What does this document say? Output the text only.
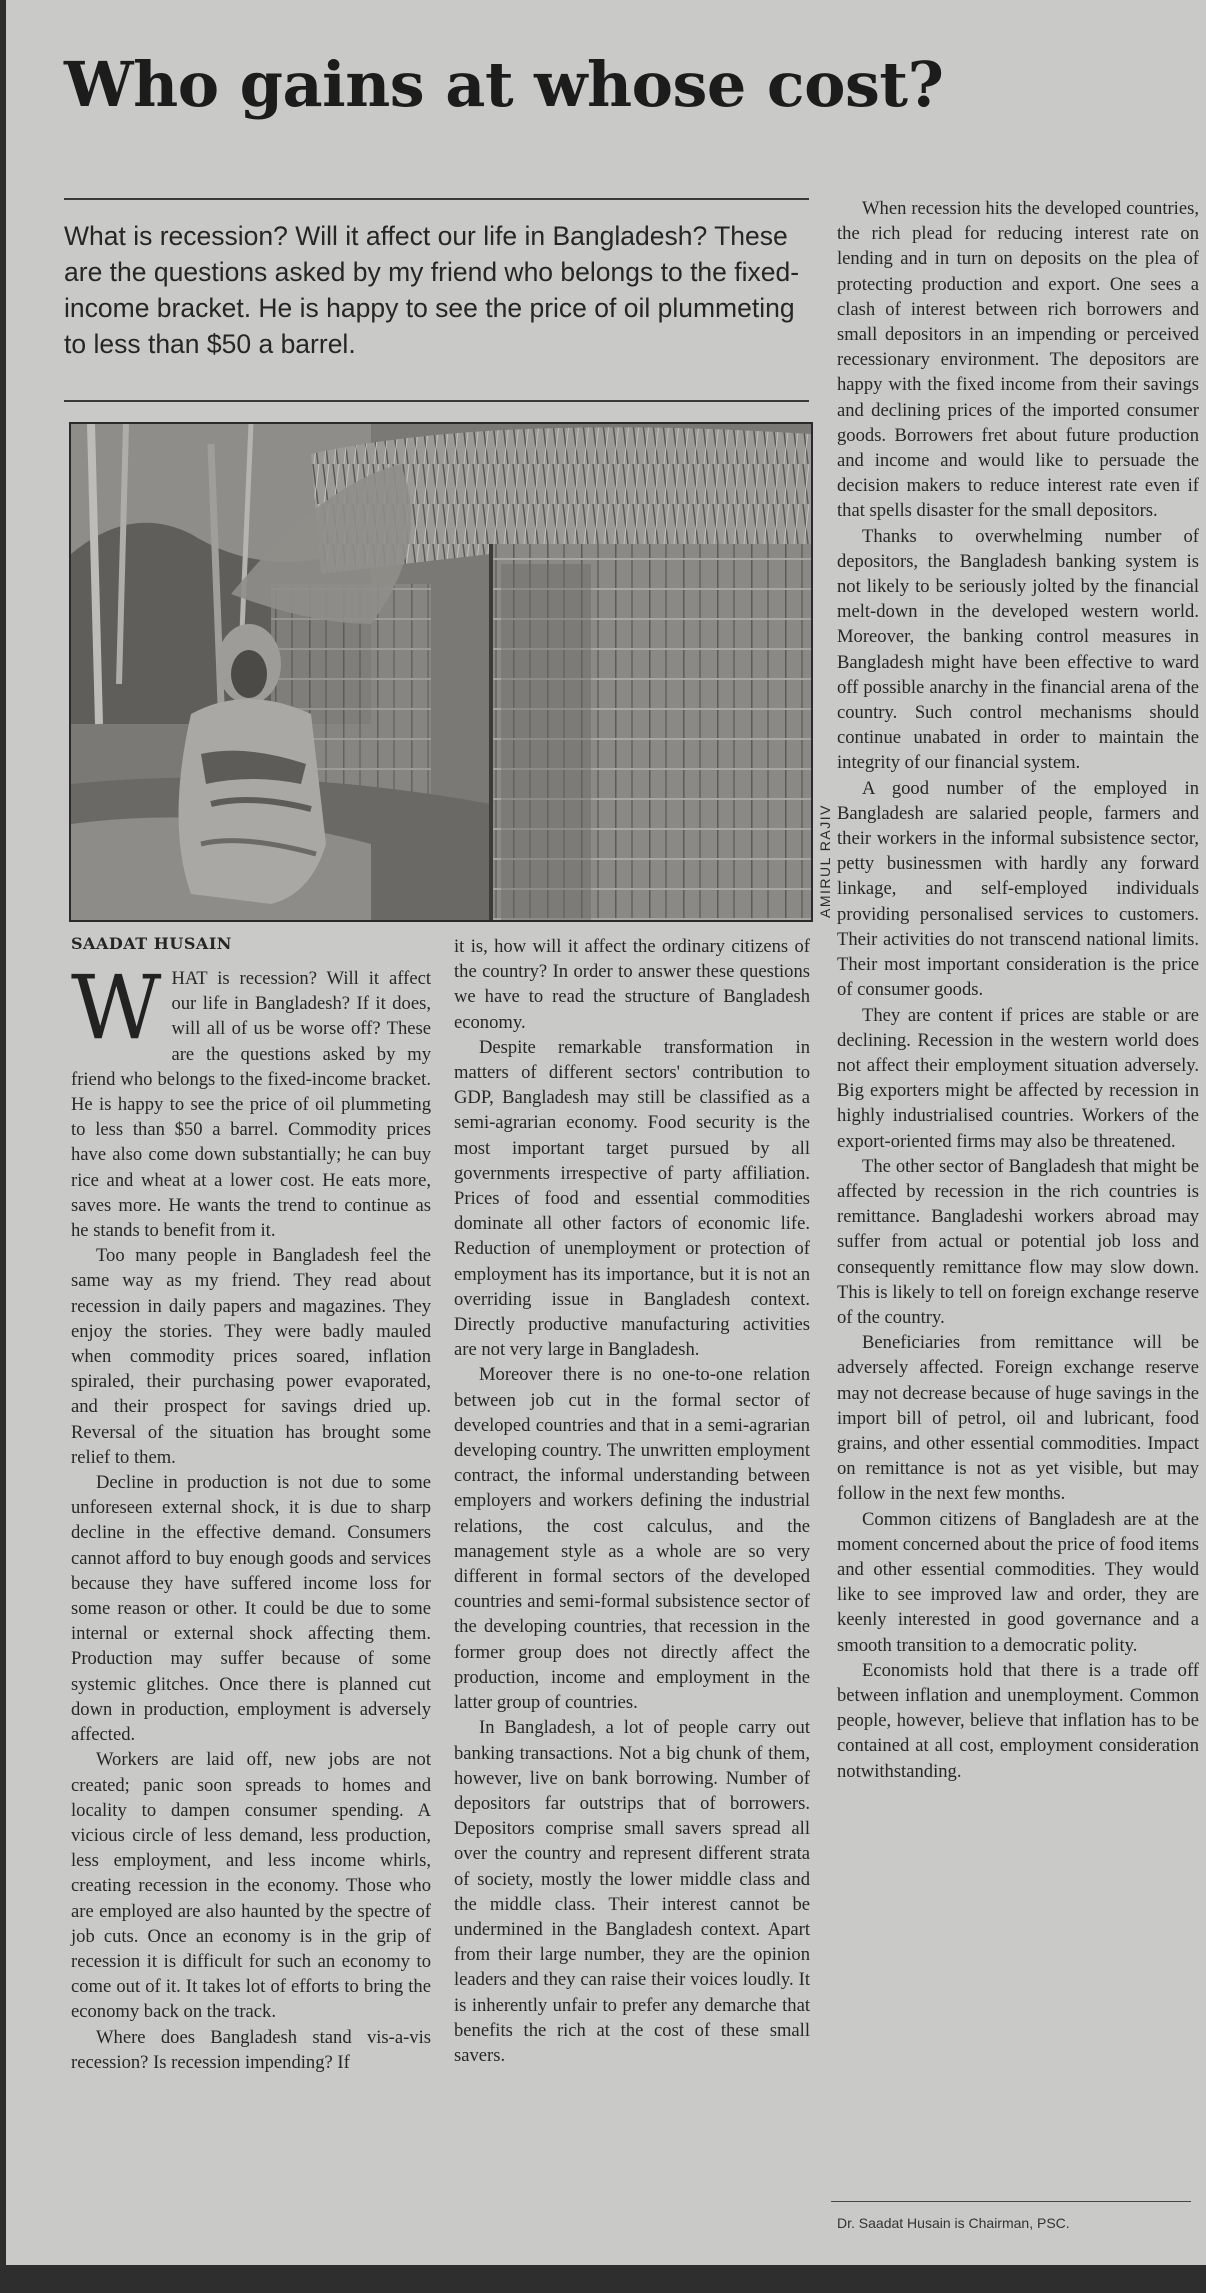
Who gains at whose cost?

What is recession? Will it affect our life in Bangladesh? These are the questions asked by my friend who belongs to the fixed-income bracket. He is happy to see the price of oil plummeting to less than $50 a barrel.

AMIRUL RAJIV

SAADAT HUSAIN

WHAT is recession? Will it affect our life in Bangladesh? If it does, will all of us be worse off? These are the questions asked by my friend who belongs to the fixed-income bracket. He is happy to see the price of oil plummeting to less than $50 a barrel. Commodity prices have also come down substantially; he can buy rice and wheat at a lower cost. He eats more, saves more. He wants the trend to continue as he stands to benefit from it.

Too many people in Bangladesh feel the same way as my friend. They read about recession in daily papers and magazines. They enjoy the stories. They were badly mauled when commodity prices soared, inflation spiraled, their purchasing power evaporated, and their prospect for savings dried up. Reversal of the situation has brought some relief to them.

Decline in production is not due to some unforeseen external shock, it is due to sharp decline in the effective demand. Consumers cannot afford to buy enough goods and services because they have suffered income loss for some reason or other. It could be due to some internal or external shock affecting them. Production may suffer because of some systemic glitches. Once there is planned cut down in production, employment is adversely affected.

Workers are laid off, new jobs are not created; panic soon spreads to homes and locality to dampen consumer spending. A vicious circle of less demand, less production, less employment, and less income whirls, creating recession in the economy. Those who are employed are also haunted by the spectre of job cuts. Once an economy is in the grip of recession it is difficult for such an economy to come out of it. It takes lot of efforts to bring the economy back on the track.

Where does Bangladesh stand vis-a-vis recession? Is recession impending? If

it is, how will it affect the ordinary citizens of the country? In order to answer these questions we have to read the structure of Bangladesh economy.

Despite remarkable transformation in matters of different sectors' contribution to GDP, Bangladesh may still be classified as a semi-agrarian economy. Food security is the most important target pursued by all governments irrespective of party affiliation. Prices of food and essential commodities dominate all other factors of economic life. Reduction of unemployment or protection of employment has its importance, but it is not an overriding issue in Bangladesh context. Directly productive manufacturing activities are not very large in Bangladesh.

Moreover there is no one-to-one relation between job cut in the formal sector of developed countries and that in a semi-agrarian developing country. The unwritten employment contract, the informal understanding between employers and workers defining the industrial relations, the cost calculus, and the management style as a whole are so very different in formal sectors of the developed countries and semi-formal subsistence sector of the developing countries, that recession in the former group does not directly affect the production, income and employment in the latter group of countries.

In Bangladesh, a lot of people carry out banking transactions. Not a big chunk of them, however, live on bank borrowing. Number of depositors far outstrips that of borrowers. Depositors comprise small savers spread all over the country and represent different strata of society, mostly the lower middle class and the middle class. Their interest cannot be undermined in the Bangladesh context. Apart from their large number, they are the opinion leaders and they can raise their voices loudly. It is inherently unfair to prefer any demarche that benefits the rich at the cost of these small savers.

When recession hits the developed countries, the rich plead for reducing interest rate on lending and in turn on deposits on the plea of protecting production and export. One sees a clash of interest between rich borrowers and small depositors in an impending or perceived recessionary environment. The depositors are happy with the fixed income from their savings and declining prices of the imported consumer goods. Borrowers fret about future production and income and would like to persuade the decision makers to reduce interest rate even if that spells disaster for the small depositors.

Thanks to overwhelming number of depositors, the Bangladesh banking system is not likely to be seriously jolted by the financial melt-down in the developed western world. Moreover, the banking control measures in Bangladesh might have been effective to ward off possible anarchy in the financial arena of the country. Such control mechanisms should continue unabated in order to maintain the integrity of our financial system.

A good number of the employed in Bangladesh are salaried people, farmers and their workers in the informal subsistence sector, petty businessmen with hardly any forward linkage, and self-employed individuals providing personalised services to customers. Their activities do not transcend national limits. Their most important consideration is the price of consumer goods.

They are content if prices are stable or are declining. Recession in the western world does not affect their employment situation adversely. Big exporters might be affected by recession in highly industrialised countries. Workers of the export-oriented firms may also be threatened.

The other sector of Bangladesh that might be affected by recession in the rich countries is remittance. Bangladeshi workers abroad may suffer from actual or potential job loss and consequently remittance flow may slow down. This is likely to tell on foreign exchange reserve of the country.

Beneficiaries from remittance will be adversely affected. Foreign exchange reserve may not decrease because of huge savings in the import bill of petrol, oil and lubricant, food grains, and other essential commodities. Impact on remittance is not as yet visible, but may follow in the next few months.

Common citizens of Bangladesh are at the moment concerned about the price of food items and other essential commodities. They would like to see improved law and order, they are keenly interested in good governance and a smooth transition to a democratic polity.

Economists hold that there is a trade off between inflation and unemployment. Common people, however, believe that inflation has to be contained at all cost, employment consideration notwithstanding.

Dr. Saadat Husain is Chairman, PSC.
